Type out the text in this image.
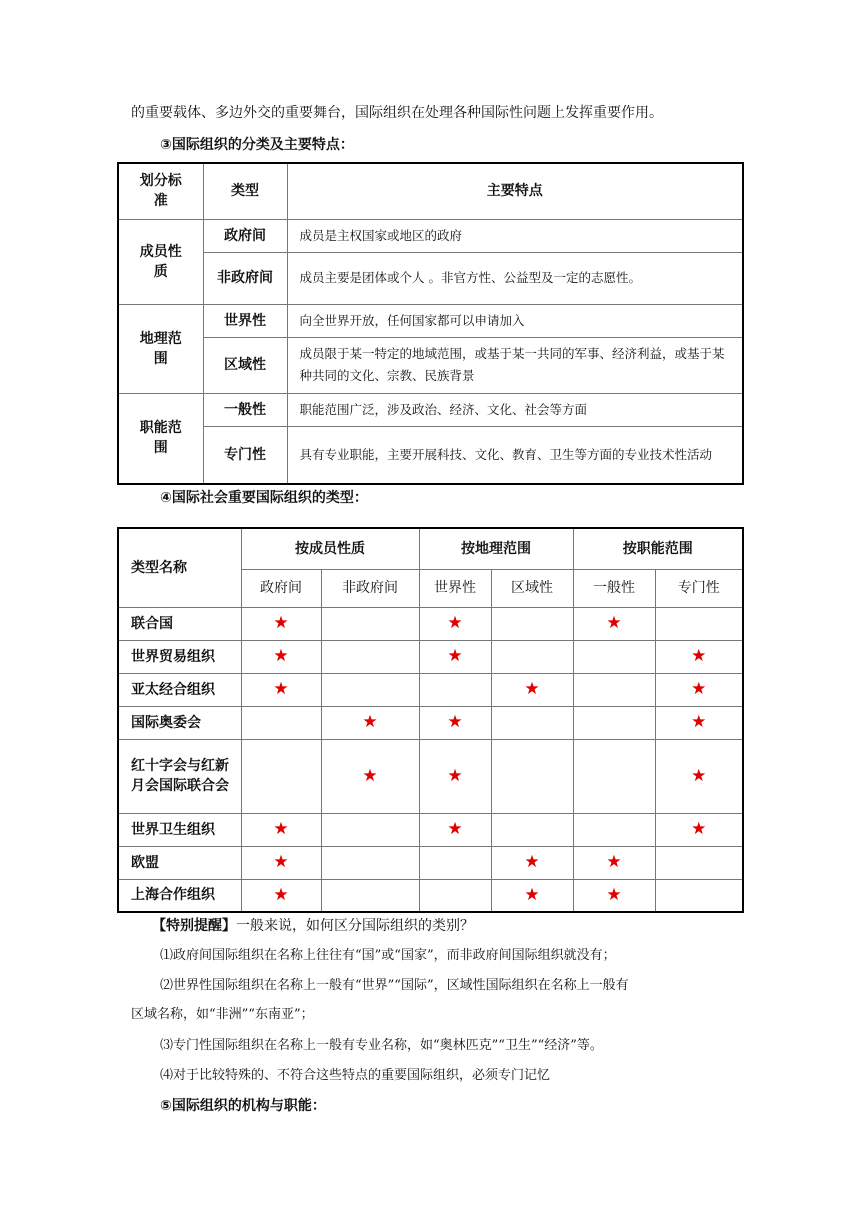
的重要载体、多边外交的重要舞台，国际组织在处理各种国际性问题上发挥重要作用。
③国际组织的分类及主要特点：
划分标准	类型	主要特点
成员性质	政府间	成员是主权国家或地区的政府
	非政府间	成员主要是团体或个人 。非官方性、公益型及一定的志愿性。
地理范围	世界性	向全世界开放，任何国家都可以申请加入
	区域性	成员限于某一特定的地域范围，或基于某一共同的军事、经济利益，或基于某种共同的文化、宗教、民族背景
职能范围	一般性	职能范围广泛，涉及政治、经济、文化、社会等方面
	专门性	具有专业职能，主要开展科技、文化、教育、卫生等方面的专业技术性活动
④国际社会重要国际组织的类型：
类型名称	按成员性质		按地理范围		按职能范围	
	政府间	非政府间	世界性	区域性	一般性	专门性
联合国	★		★		★	
世界贸易组织	★		★			★
亚太经合组织	★			★		★
国际奥委会		★	★			★
红十字会与红新月会国际联合会		★	★			★
世界卫生组织	★		★			★
欧盟	★			★	★	
上海合作组织	★			★	★	
【特别提醒】一般来说，如何区分国际组织的类别？
⑴政府间国际组织在名称上往往有“国”或“国家”，而非政府间国际组织就没有；
⑵世界性国际组织在名称上一般有“世界”“国际”，区域性国际组织在名称上一般有
区域名称，如“非洲”“东南亚”；
⑶专门性国际组织在名称上一般有专业名称，如“奥林匹克”“卫生”“经济”等。
⑷对于比较特殊的、不符合这些特点的重要国际组织，必须专门记忆
⑤国际组织的机构与职能：
